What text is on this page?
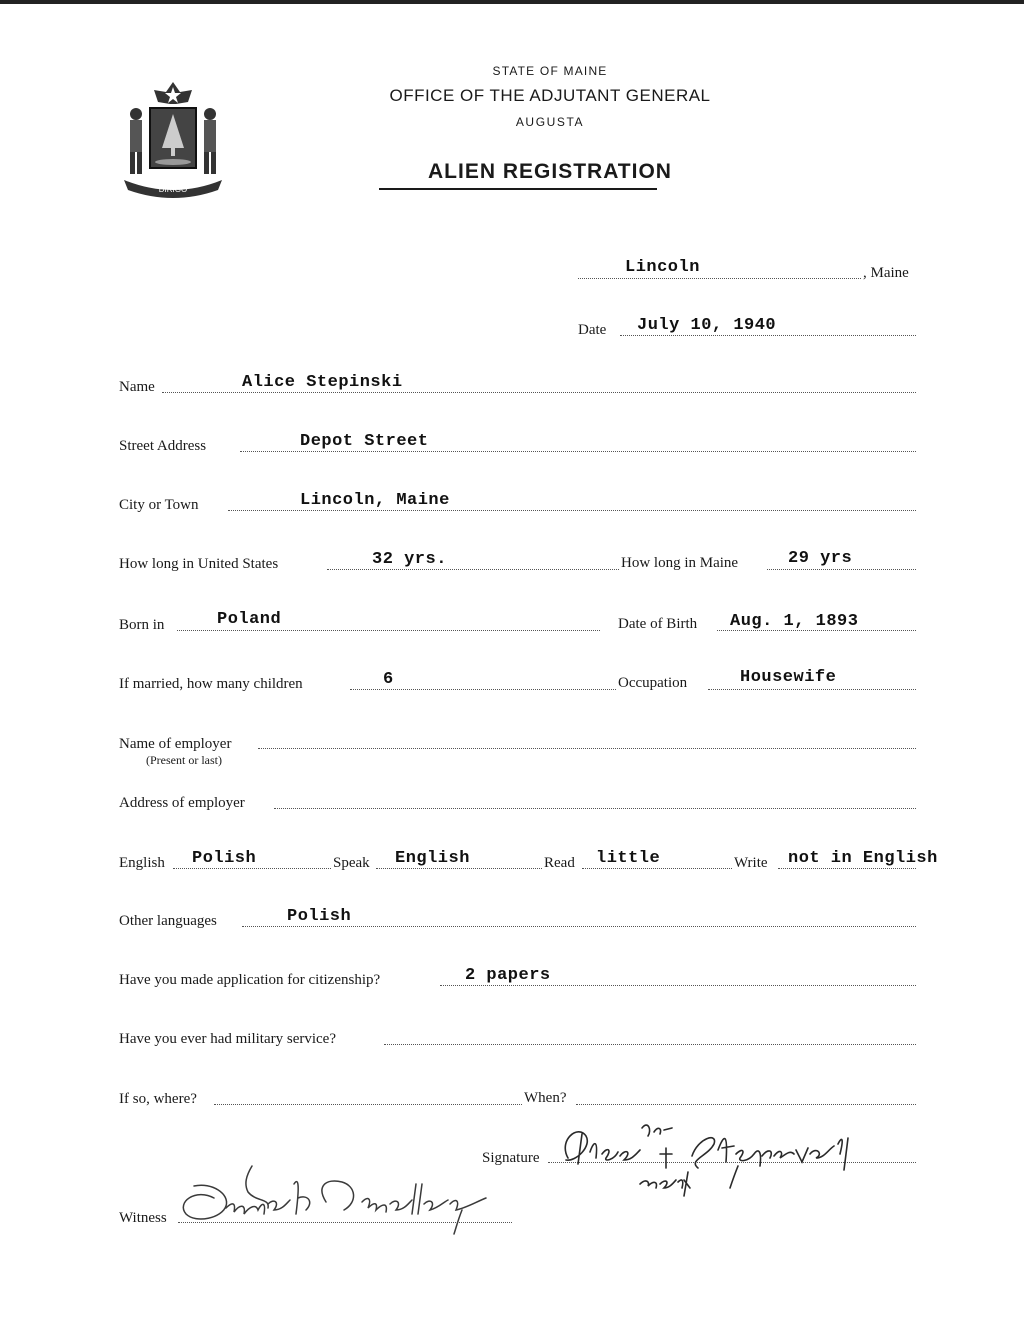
DIRIGO
STATE OF MAINE
OFFICE OF THE ADJUTANT GENERAL
AUGUSTA
ALIEN REGISTRATION
Lincoln	, Maine
Date July 10, 1940
Name	Alice Stepinski
Street Address	Depot Street
City or Town	Lincoln, Maine
How long in United States	32 yrs.	How long in Maine	29 yrs
Born in	Poland	Date of Birth Aug. 1, 1893
If married, how many children	6	Occupation	Housewife
Name of employer
(Present or last)
Address of employer
English Polish	Speak English	Read little	Write not in English
Other languages	Polish
Have you made application for citizenship?	2 papers
Have you ever had military service?
If so, where?	When?
Signature
Witness
